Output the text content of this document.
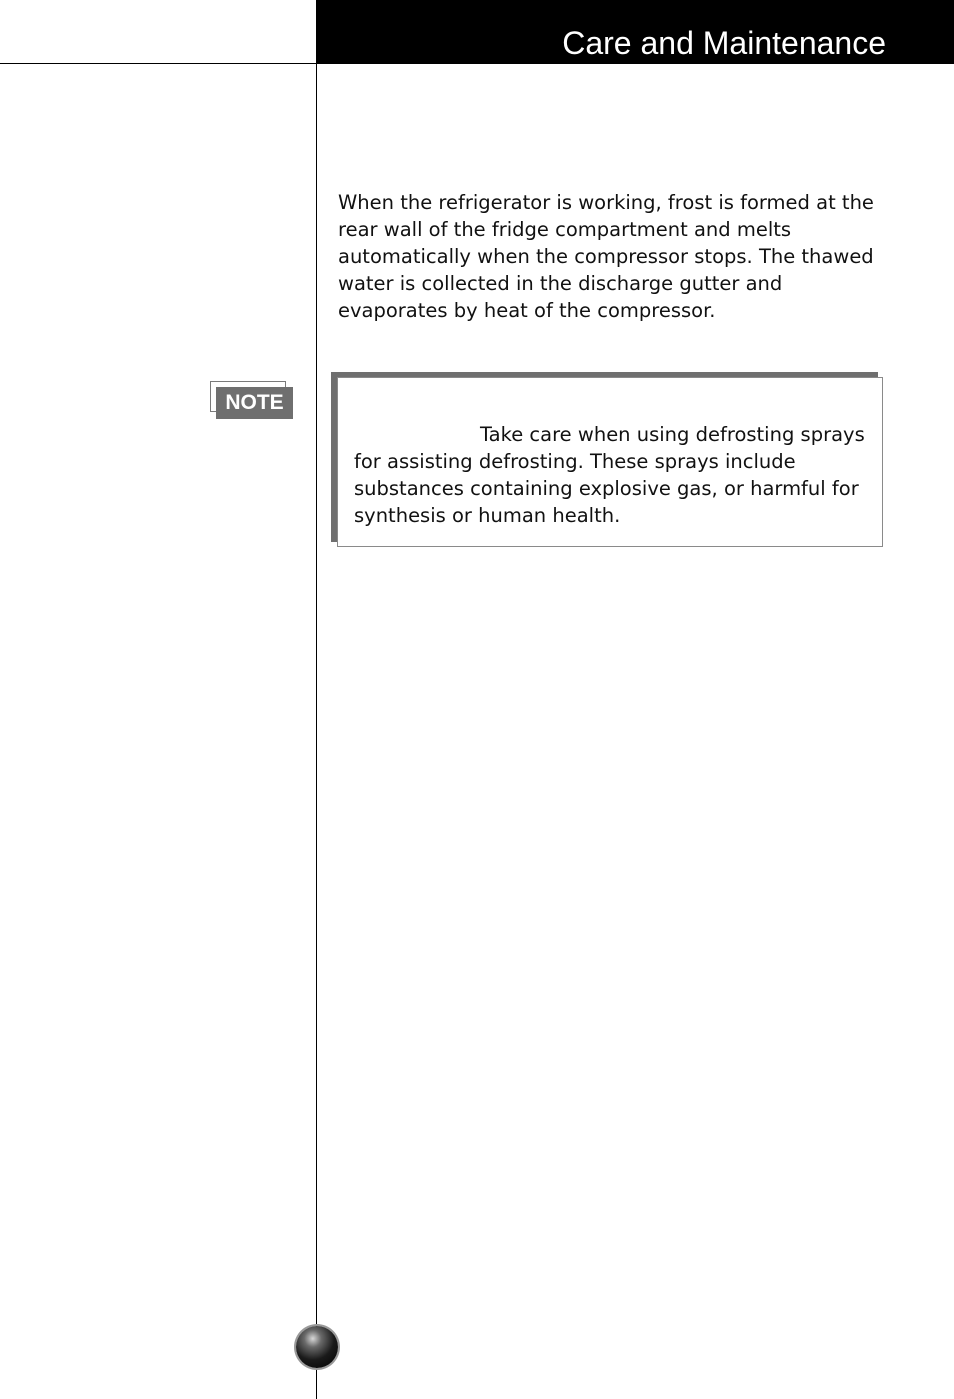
Care and Maintenance

When the refrigerator is working, frost is formed at the rear wall of the fridge compartment and melts automatically when the compressor stops. The thawed water is collected in the discharge gutter and evaporates by heat of the compressor.

NOTE

Take care when using defrosting sprays for assisting defrosting. These sprays include substances containing explosive gas, or harmful for synthesis or human health.
